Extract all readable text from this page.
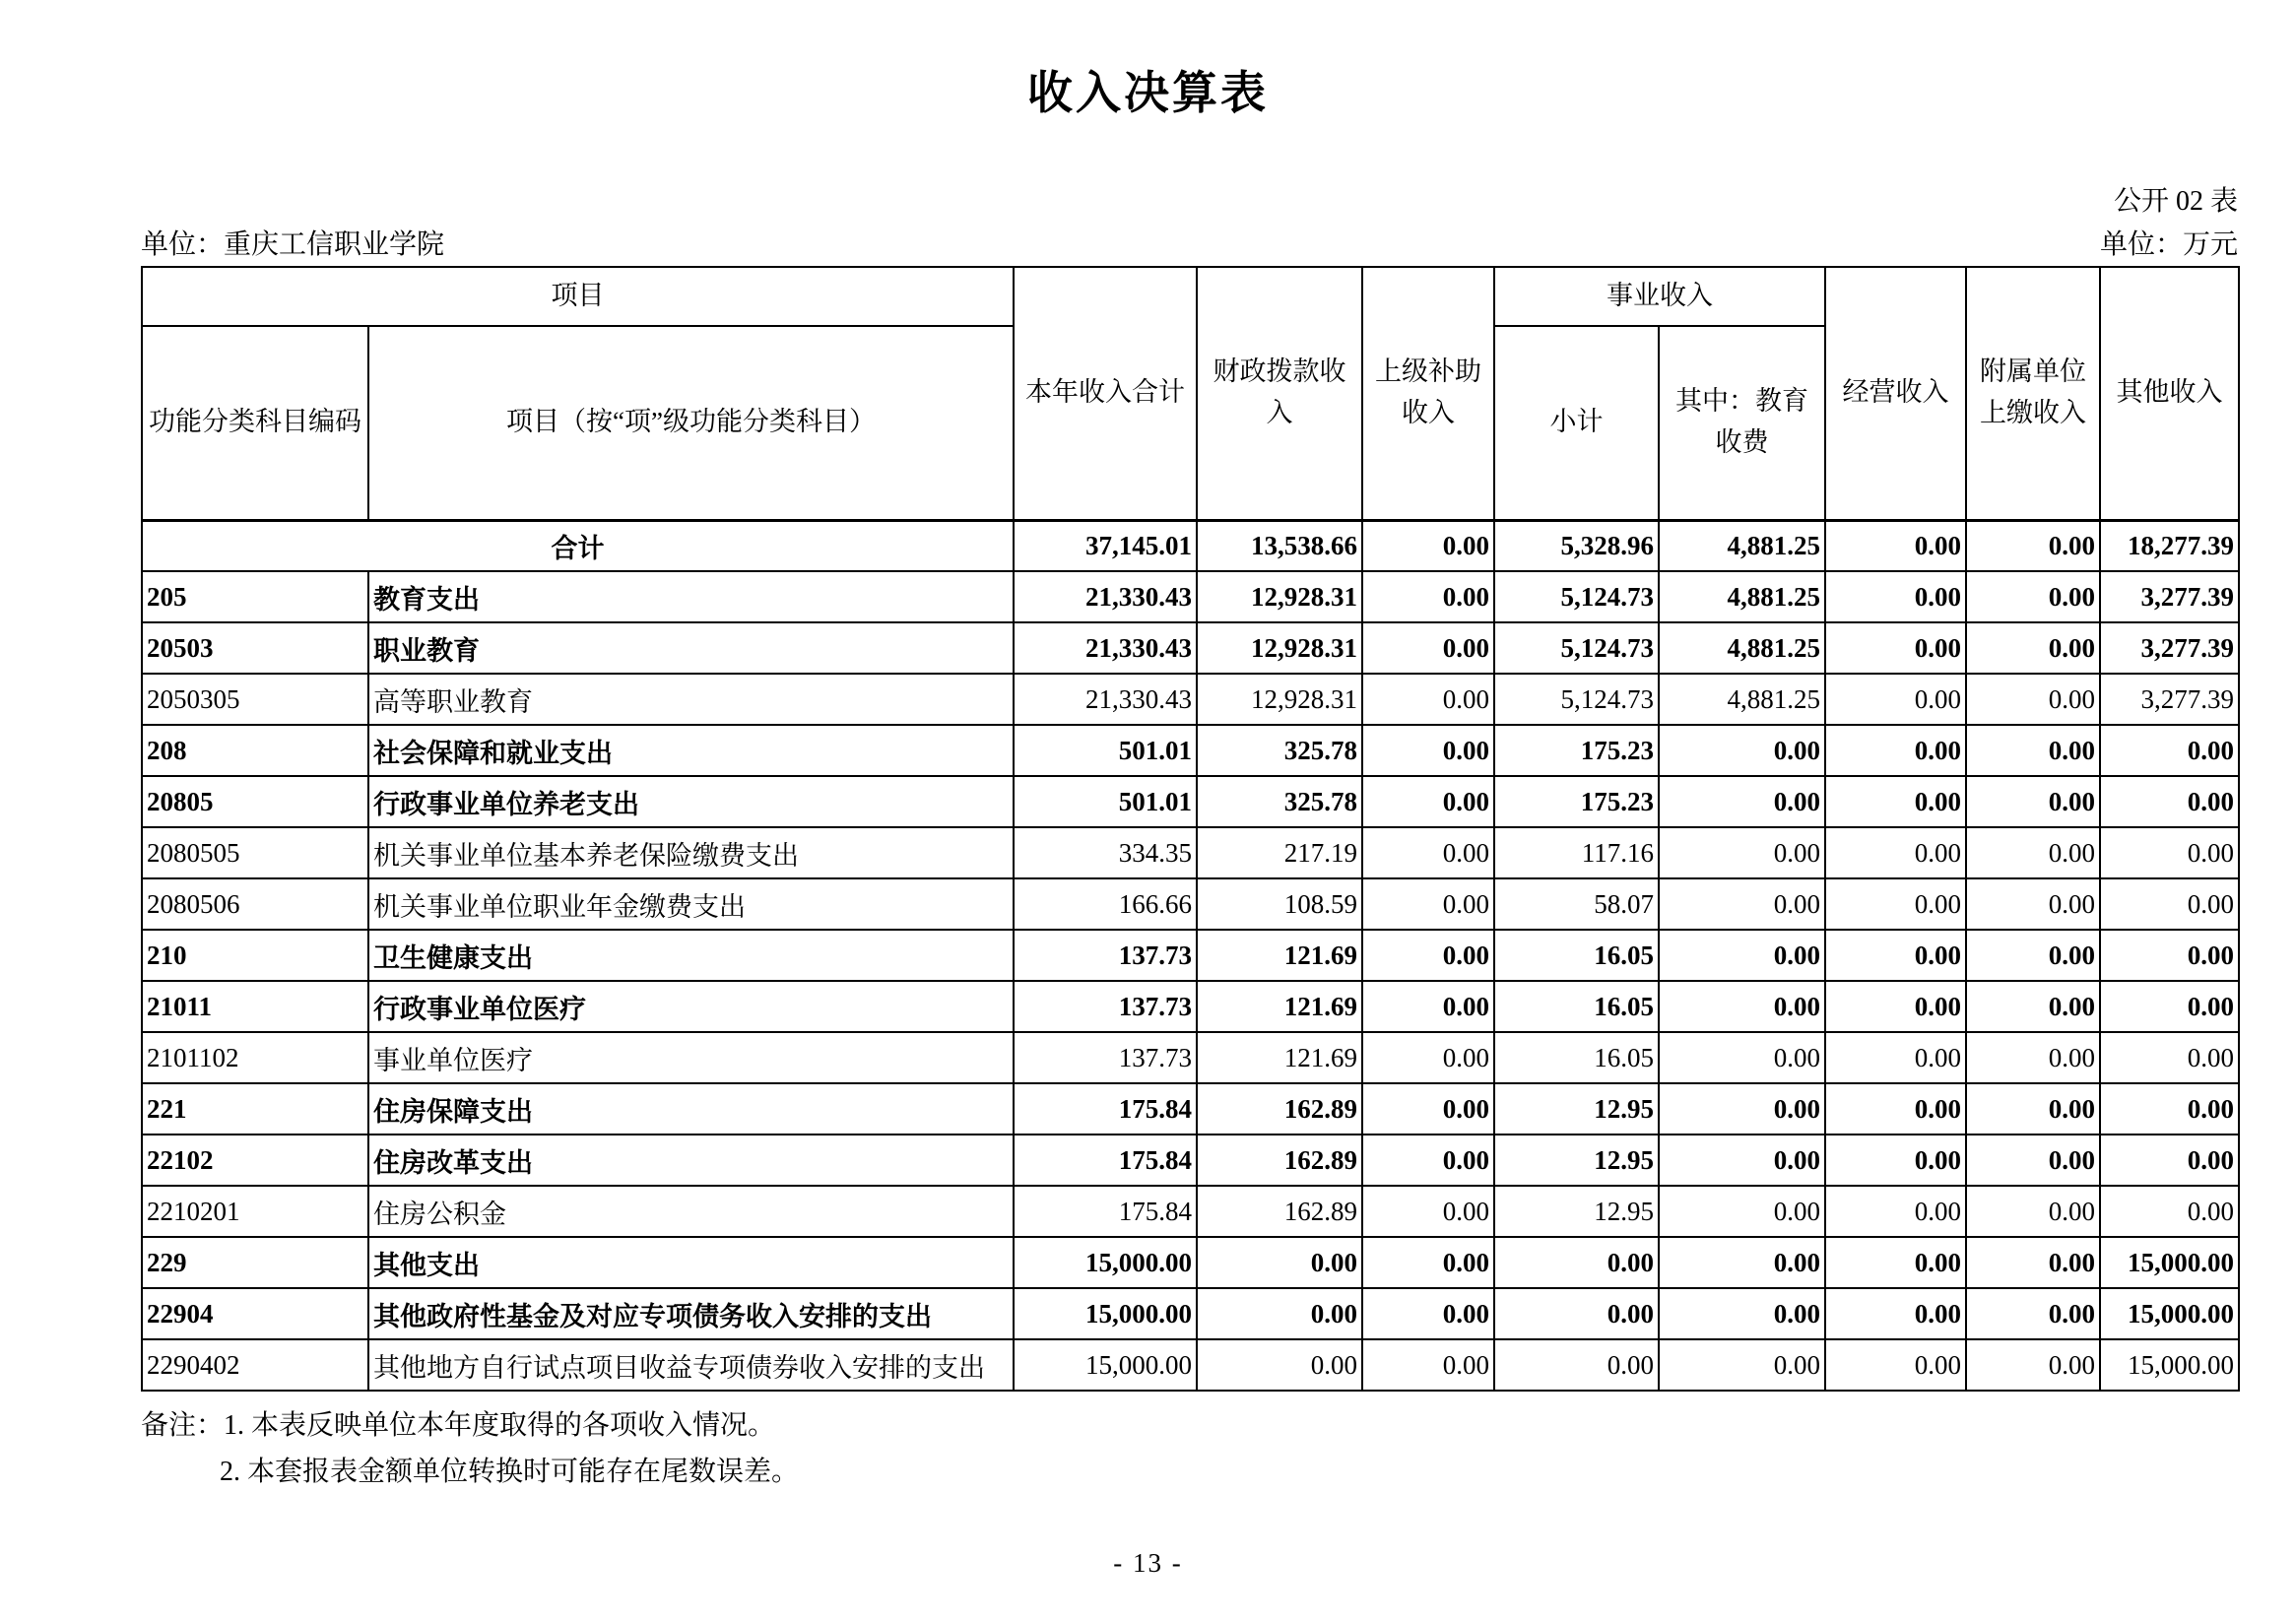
收入决算表
公开 02 表
单位：重庆工信职业学院	单位：万元
项目		本年收入合计	财政拨款收入	上级补助收入	事业收入		经营收入	附属单位上缴收入	其他收入
功能分类科目编码	项目（按“项”级功能分类科目）				小计	其中：教育收费			
合计		37,145.01	13,538.66	0.00	5,328.96	4,881.25	0.00	0.00	18,277.39
205	教育支出	21,330.43	12,928.31	0.00	5,124.73	4,881.25	0.00	0.00	3,277.39
20503	职业教育	21,330.43	12,928.31	0.00	5,124.73	4,881.25	0.00	0.00	3,277.39
2050305	高等职业教育	21,330.43	12,928.31	0.00	5,124.73	4,881.25	0.00	0.00	3,277.39
208	社会保障和就业支出	501.01	325.78	0.00	175.23	0.00	0.00	0.00	0.00
20805	行政事业单位养老支出	501.01	325.78	0.00	175.23	0.00	0.00	0.00	0.00
2080505	机关事业单位基本养老保险缴费支出	334.35	217.19	0.00	117.16	0.00	0.00	0.00	0.00
2080506	机关事业单位职业年金缴费支出	166.66	108.59	0.00	58.07	0.00	0.00	0.00	0.00
210	卫生健康支出	137.73	121.69	0.00	16.05	0.00	0.00	0.00	0.00
21011	行政事业单位医疗	137.73	121.69	0.00	16.05	0.00	0.00	0.00	0.00
2101102	事业单位医疗	137.73	121.69	0.00	16.05	0.00	0.00	0.00	0.00
221	住房保障支出	175.84	162.89	0.00	12.95	0.00	0.00	0.00	0.00
22102	住房改革支出	175.84	162.89	0.00	12.95	0.00	0.00	0.00	0.00
2210201	住房公积金	175.84	162.89	0.00	12.95	0.00	0.00	0.00	0.00
229	其他支出	15,000.00	0.00	0.00	0.00	0.00	0.00	0.00	15,000.00
22904	其他政府性基金及对应专项债务收入安排的支出	15,000.00	0.00	0.00	0.00	0.00	0.00	0.00	15,000.00
2290402	其他地方自行试点项目收益专项债券收入安排的支出	15,000.00	0.00	0.00	0.00	0.00	0.00	0.00	15,000.00
备注：1. 本表反映单位本年度取得的各项收入情况。
2. 本套报表金额单位转换时可能存在尾数误差。
- 13 -
